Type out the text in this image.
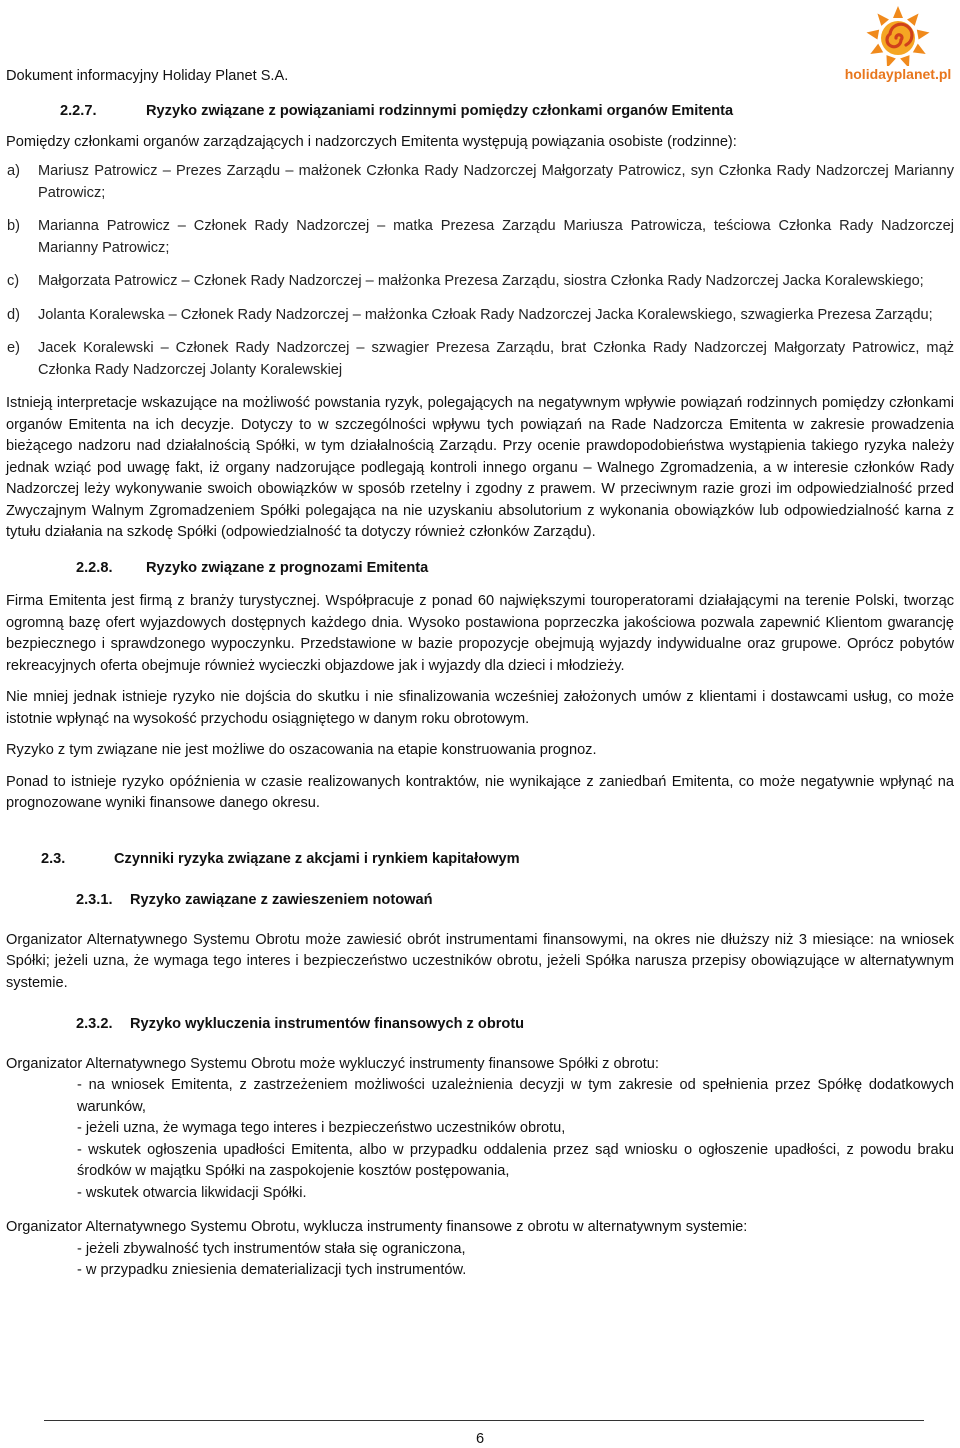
Dokument informacyjny Holiday Planet S.A.	holidayplanet.pl
2.2.7.	Ryzyko związane z powiązaniami rodzinnymi pomiędzy członkami organów Emitenta

Pomiędzy członkami organów zarządzających i nadzorczych Emitenta występują powiązania osobiste (rodzinne):

a)	Mariusz Patrowicz – Prezes Zarządu – małżonek Członka Rady Nadzorczej Małgorzaty Patrowicz, syn Członka Rady Nadzorczej Marianny Patrowicz;
b)	Marianna Patrowicz – Członek Rady Nadzorczej – matka Prezesa Zarządu Mariusza Patrowicza, teściowa Członka Rady Nadzorczej Marianny Patrowicz;
c)	Małgorzata Patrowicz – Członek Rady Nadzorczej – małżonka Prezesa Zarządu, siostra Członka Rady Nadzorczej Jacka Koralewskiego;
d)	Jolanta Koralewska – Członek Rady Nadzorczej – małżonka Człoak Rady Nadzorczej Jacka Koralewskiego, szwagierka Prezesa Zarządu;
e)	Jacek Koralewski – Członek Rady Nadzorczej – szwagier Prezesa Zarządu, brat Członka Rady Nadzorczej Małgorzaty Patrowicz, mąż Członka Rady Nadzorczej Jolanty Koralewskiej

Istnieją interpretacje wskazujące na możliwość powstania ryzyk, polegających na negatywnym wpływie powiązań rodzinnych pomiędzy członkami organów Emitenta na ich decyzje. Dotyczy to w szczególności wpływu tych powiązań na Rade Nadzorcza Emitenta w zakresie prowadzenia bieżącego nadzoru nad działalnością Spółki, w tym działalnością Zarządu. Przy ocenie prawdopodobieństwa wystąpienia takiego ryzyka należy jednak wziąć pod uwagę fakt, iż organy nadzorujące podlegają kontroli innego organu – Walnego Zgromadzenia, a w interesie członków Rady Nadzorczej leży wykonywanie swoich obowiązków w sposób rzetelny i zgodny z prawem. W przeciwnym razie grozi im odpowiedzialność przed Zwyczajnym Walnym Zgromadzeniem Spółki polegająca na nie uzyskaniu absolutorium z wykonania obowiązków lub odpowiedzialność karna z tytułu działania na szkodę Spółki (odpowiedzialność ta dotyczy również członków Zarządu).

2.2.8.	Ryzyko związane z prognozami Emitenta

Firma Emitenta jest firmą z branży turystycznej. Współpracuje z ponad 60 największymi touroperatorami działającymi na terenie Polski, tworząc ogromną bazę ofert wyjazdowych dostępnych każdego dnia. Wysoko postawiona poprzeczka jakościowa pozwala zapewnić Klientom gwarancję bezpiecznego i sprawdzonego wypoczynku. Przedstawione w bazie propozycje obejmują wyjazdy indywidualne oraz grupowe. Oprócz pobytów rekreacyjnych oferta obejmuje również wycieczki objazdowe jak i wyjazdy dla dzieci i młodzieży.

Nie mniej jednak istnieje ryzyko nie dojścia do skutku i nie sfinalizowania wcześniej założonych umów z klientami i dostawcami usług, co może istotnie wpłynąć na wysokość przychodu osiągniętego w danym roku obrotowym.

Ryzyko z tym związane nie jest możliwe do oszacowania na etapie konstruowania prognoz.

Ponad to istnieje ryzyko opóźnienia w czasie realizowanych kontraktów, nie wynikające z zaniedbań Emitenta, co może negatywnie wpłynąć na prognozowane wyniki finansowe danego okresu.

2.3.	Czynniki ryzyka związane z akcjami i rynkiem kapitałowym
2.3.1.	Ryzyko zawiązane z zawieszeniem notowań

Organizator Alternatywnego Systemu Obrotu może zawiesić obrót instrumentami finansowymi, na okres nie dłuższy niż 3 miesiące: na wniosek Spółki; jeżeli uzna, że wymaga tego interes i bezpieczeństwo uczestników obrotu, jeżeli Spółka narusza przepisy obowiązujące w alternatywnym systemie.

2.3.2.	Ryzyko wykluczenia instrumentów finansowych z obrotu

Organizator Alternatywnego Systemu Obrotu może wykluczyć instrumenty finansowe Spółki z obrotu:

- na wniosek Emitenta, z zastrzeżeniem możliwości uzależnienia decyzji w tym zakresie od spełnienia przez Spółkę dodatkowych warunków,
- jeżeli uzna, że wymaga tego interes i bezpieczeństwo uczestników obrotu,
- wskutek ogłoszenia upadłości Emitenta, albo w przypadku oddalenia przez sąd wniosku o ogłoszenie upadłości, z powodu braku środków w majątku Spółki na zaspokojenie kosztów postępowania,
- wskutek otwarcia likwidacji Spółki.

Organizator Alternatywnego Systemu Obrotu, wyklucza instrumenty finansowe z obrotu w alternatywnym systemie:

- jeżeli zbywalność tych instrumentów stała się ograniczona,
- w przypadku zniesienia dematerializacji tych instrumentów.
6
